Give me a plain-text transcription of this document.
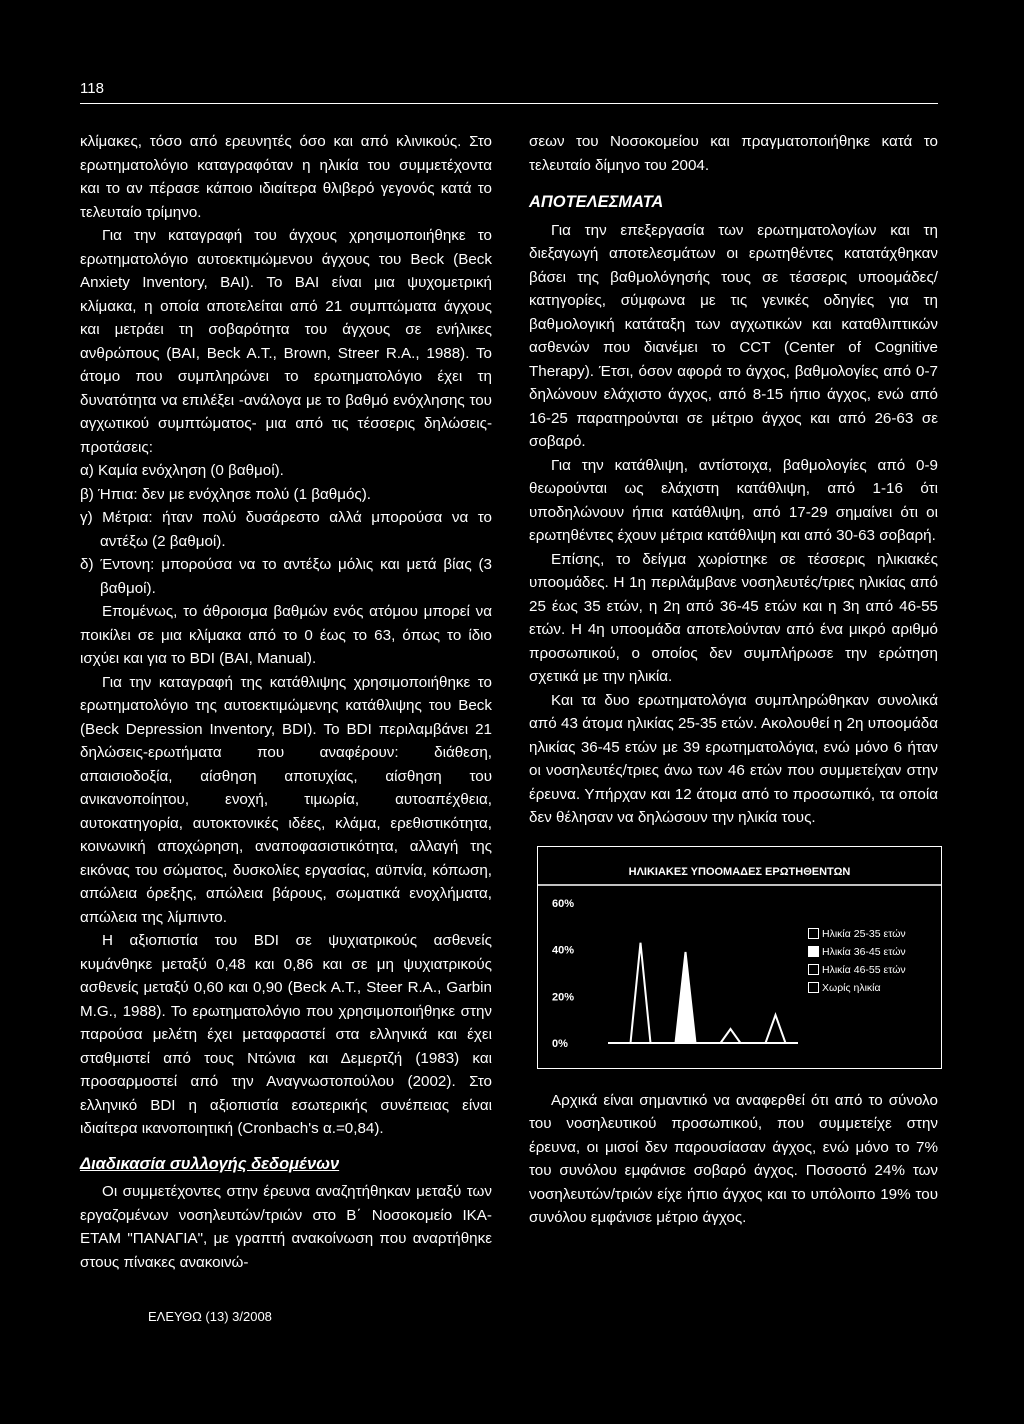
118

κλίμακες, τόσο από ερευνητές όσο και από κλινικούς. Στο ερωτηματολόγιο καταγραφόταν η ηλικία του συμμετέχοντα και το αν πέρασε κάποιο ιδιαίτερα θλιβερό γεγονός κατά το τελευταίο τρίμηνο.

Για την καταγραφή του άγχους χρησιμοποιήθηκε το ερωτηματολόγιο αυτοεκτιμώμενου άγχους του Beck (Beck Anxiety Inventory, BAI). Το BAI είναι μια ψυχομετρική κλίμακα, η οποία αποτελείται από 21 συμπτώματα άγχους και μετράει τη σοβαρότητα του άγχους σε ενήλικες ανθρώπους (BAI, Beck A.T., Brown, Streer R.A., 1988). Το άτομο που συμπληρώνει το ερωτηματολόγιο έχει τη δυνατότητα να επιλέξει -ανάλογα με το βαθμό ενόχλησης του αγχωτικού συμπτώματος- μια από τις τέσσερις δηλώσεις-προτάσεις:

α) Καμία ενόχληση (0 βαθμοί).

β) Ήπια: δεν με ενόχλησε πολύ (1 βαθμός).

γ) Μέτρια: ήταν πολύ δυσάρεστο αλλά μπορούσα να το αντέξω (2 βαθμοί).

δ) Έντονη: μπορούσα να το αντέξω μόλις και μετά βίας (3 βαθμοί).

Επομένως, το άθροισμα βαθμών ενός ατόμου μπορεί να ποικίλει σε μια κλίμακα από το 0 έως το 63, όπως το ίδιο ισχύει και για το BDI (BAI, Manual).

Για την καταγραφή της κατάθλιψης χρησιμοποιήθηκε το ερωτηματολόγιο της αυτοεκτιμώμενης κατάθλιψης του Beck (Beck Depression Inventory, BDI). Το BDI περιλαμβάνει 21 δηλώσεις-ερωτήματα που αναφέρουν: διάθεση, απαισιοδοξία, αίσθηση αποτυχίας, αίσθηση του ανικανοποίητου, ενοχή, τιμωρία, αυτοαπέχθεια, αυτοκατηγορία, αυτοκτονικές ιδέες, κλάμα, ερεθιστικότητα, κοινωνική αποχώρηση, αναποφασιστικότητα, αλλαγή της εικόνας του σώματος, δυσκολίες εργασίας, αϋπνία, κόπωση, απώλεια όρεξης, απώλεια βάρους, σωματικά ενοχλήματα, απώλεια της λίμπιντο.

Η αξιοπιστία του BDI σε ψυχιατρικούς ασθενείς κυμάνθηκε μεταξύ 0,48 και 0,86 και σε μη ψυχιατρικούς ασθενείς μεταξύ 0,60 και 0,90 (Beck A.T., Steer R.A., Garbin M.G., 1988). Το ερωτηματολόγιο που χρησιμοποιήθηκε στην παρούσα μελέτη έχει μεταφραστεί στα ελληνικά και έχει σταθμιστεί από τους Ντώνια και Δεμερτζή (1983) και προσαρμοστεί από την Αναγνωστοπούλου (2002). Στο ελληνικό BDI η αξιοπιστία εσωτερικής συνέπειας είναι ιδιαίτερα ικανοποιητική (Cronbach's α.=0,84).

Διαδικασία συλλογής δεδομένων

Οι συμμετέχοντες στην έρευνα αναζητήθηκαν μεταξύ των εργαζομένων νοσηλευτών/τριών στο Β΄ Νοσοκομείο ΙΚΑ-ΕΤΑΜ "ΠΑΝΑΓΙΑ", με γραπτή ανακοίνωση που αναρτήθηκε στους πίνακες ανακοινώ-

σεων του Νοσοκομείου και πραγματοποιήθηκε κατά το τελευταίο δίμηνο του 2004.

ΑΠΟΤΕΛΕΣΜΑΤΑ

Για την επεξεργασία των ερωτηματολογίων και τη διεξαγωγή αποτελεσμάτων οι ερωτηθέντες κατατάχθηκαν βάσει της βαθμολόγησής τους σε τέσσερις υποομάδες/κατηγορίες, σύμφωνα με τις γενικές οδηγίες για τη βαθμολογική κατάταξη των αγχωτικών και καταθλιπτικών ασθενών που διανέμει το CCT (Center of Cognitive Therapy). Έτσι, όσον αφορά το άγχος, βαθμολογίες από 0-7 δηλώνουν ελάχιστο άγχος, από 8-15 ήπιο άγχος, ενώ από 16-25 παρατηρούνται σε μέτριο άγχος και από 26-63 σε σοβαρό.

Για την κατάθλιψη, αντίστοιχα, βαθμολογίες από 0-9 θεωρούνται ως ελάχιστη κατάθλιψη, από 1-16 ότι υποδηλώνουν ήπια κατάθλιψη, από 17-29 σημαίνει ότι οι ερωτηθέντες έχουν μέτρια κατάθλιψη και από 30-63 σοβαρή.

Επίσης, το δείγμα χωρίστηκε σε τέσσερις ηλικιακές υποομάδες. Η 1η περιλάμβανε νοσηλευτές/τριες ηλικίας από 25 έως 35 ετών, η 2η από 36-45 ετών και η 3η από 46-55 ετών. Η 4η υποομάδα αποτελούνταν από ένα μικρό αριθμό προσωπικού, ο οποίος δεν συμπλήρωσε την ερώτηση σχετικά με την ηλικία.

Και τα δυο ερωτηματολόγια συμπληρώθηκαν συνολικά από 43 άτομα ηλικίας 25-35 ετών. Ακολουθεί η 2η υποομάδα ηλικίας 36-45 ετών με 39 ερωτηματολόγια, ενώ μόνο 6 ήταν οι νοσηλευτές/τριες άνω των 46 ετών που συμμετείχαν στην έρευνα. Υπήρχαν και 12 άτομα από το προσωπικό, τα οποία δεν θέλησαν να δηλώσουν την ηλικία τους.

ΗΛΙΚΙΑΚΕΣ ΥΠΟΟΜΑΔΕΣ ΕΡΩΤΗΘΕΝΤΩΝ
60%
40%
20%
0%
Ηλικία 25-35 ετών
Ηλικία 36-45 ετών
Ηλικία 46-55 ετών
Χωρίς ηλικία

Αρχικά είναι σημαντικό να αναφερθεί ότι από το σύνολο του νοσηλευτικού προσωπικού, που συμμετείχε στην έρευνα, οι μισοί δεν παρουσίασαν άγχος, ενώ μόνο το 7% του συνόλου εμφάνισε σοβαρό άγχος. Ποσοστό 24% των νοσηλευτών/τριών είχε ήπιο άγχος και το υπόλοιπο 19% του συνόλου εμφάνισε μέτριο άγχος.

ΕΛΕΥΘΩ (13) 3/2008
